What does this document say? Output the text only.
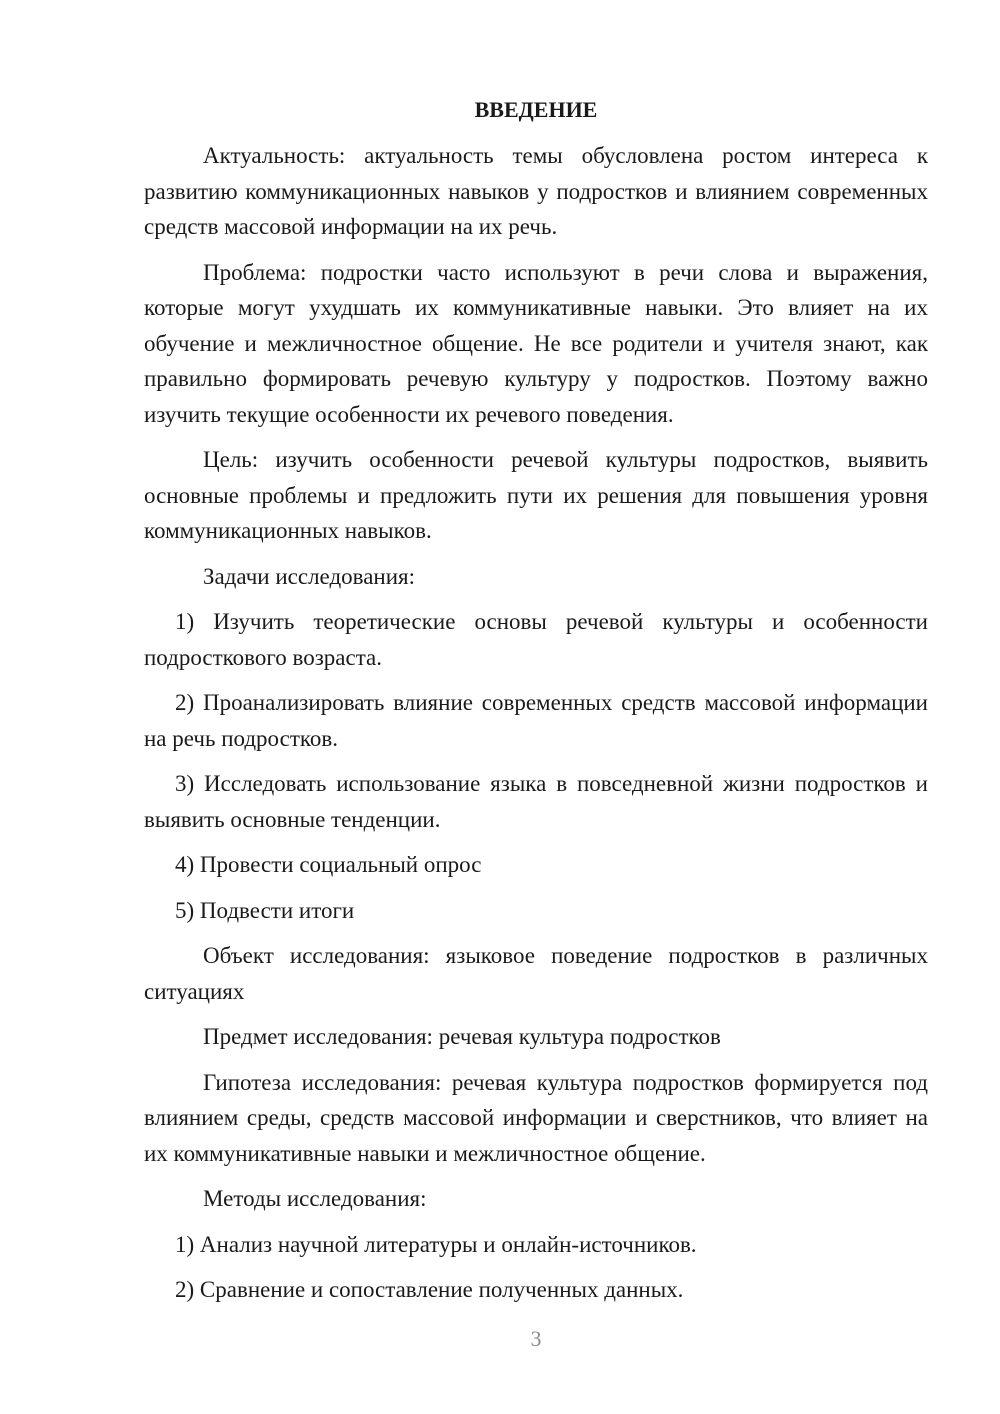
ВВЕДЕНИЕ

Актуальность: актуальность темы обусловлена ростом интереса к развитию коммуникационных навыков у подростков и влиянием современных средств массовой информации на их речь.

Проблема: подростки часто используют в речи слова и выражения, которые могут ухудшать их коммуникативные навыки. Это влияет на их обучение и межличностное общение. Не все родители и учителя знают, как правильно формировать речевую культуру у подростков. Поэтому важно изучить текущие особенности их речевого поведения.

Цель: изучить особенности речевой культуры подростков, выявить основные проблемы и предложить пути их решения для повышения уровня коммуникационных навыков.

Задачи исследования:

1) Изучить теоретические основы речевой культуры и особенности подросткового возраста.

2) Проанализировать влияние современных средств массовой информации на речь подростков.

3) Исследовать использование языка в повседневной жизни подростков и выявить основные тенденции.

4) Провести социальный опрос

5) Подвести итоги

Объект исследования: языковое поведение подростков в различных ситуациях

Предмет исследования: речевая культура подростков

Гипотеза исследования: речевая культура подростков формируется под влиянием среды, средств массовой информации и сверстников, что влияет на их коммуникативные навыки и межличностное общение.

Методы исследования:

1) Анализ научной литературы и онлайн-источников.

2) Сравнение и сопоставление полученных данных.

3
